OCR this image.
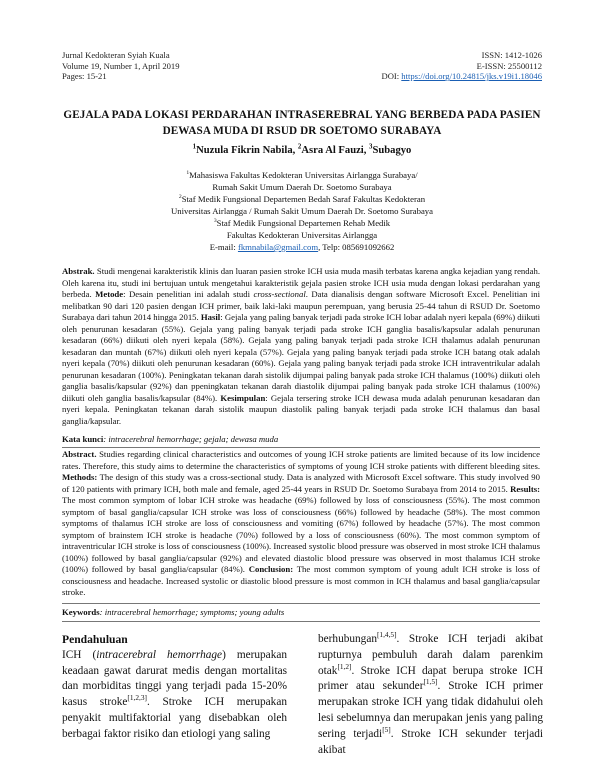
Jurnal Kedokteran Syiah Kuala
Volume 19, Number 1, April 2019
Pages: 15-21
ISSN: 1412-1026
E-ISSN: 25500112
DOI: https://doi.org/10.24815/jks.v19i1.18046
GEJALA PADA LOKASI PERDARAHAN INTRASEREBRAL YANG BERBEDA PADA PASIEN
DEWASA MUDA DI RSUD DR SOETOMO SURABAYA
$^1$Nuzula Fikrin Nabila, $^2$Asra Al Fauzi, $^3$Subagyo
$^1$Mahasiswa Fakultas Kedokteran Universitas Airlangga Surabaya/
Rumah Sakit Umum Daerah Dr. Soetomo Surabaya
$^2$Staf Medik Fungsional Departemen Bedah Saraf Fakultas Kedokteran
Universitas Airlangga / Rumah Sakit Umum Daerah Dr. Soetomo Surabaya
$^3$Staf Medik Fungsional Departemen Rehab Medik
Fakultas Kedokteran Universitas Airlangga
E-mail: fkmnabila@gmail.com, Telp: 085691092662
Abstrak. Studi mengenai karakteristik klinis dan luaran pasien stroke ICH usia muda masih terbatas karena angka kejadian yang rendah. Oleh karena itu, studi ini bertujuan untuk mengetahui karakteristik gejala pasien stroke ICH usia muda dengan lokasi perdarahan yang berbeda. Metode: Desain penelitian ini adalah studi cross-sectional. Data dianalisis dengan software Microsoft Excel. Penelitian ini melibatkan 90 dari 120 pasien dengan ICH primer, baik laki-laki maupun perempuan, yang berusia 25-44 tahun di RSUD Dr. Soetomo Surabaya dari tahun 2014 hingga 2015. Hasil: Gejala yang paling banyak terjadi pada stroke ICH lobar adalah nyeri kepala (69%) diikuti oleh penurunan kesadaran (55%). Gejala yang paling banyak terjadi pada stroke ICH ganglia basalis/kapsular adalah penurunan kesadaran (66%) diikuti oleh nyeri kepala (58%). Gejala yang paling banyak terjadi pada stroke ICH thalamus adalah penurunan kesadaran dan muntah (67%) diikuti oleh nyeri kepala (57%). Gejala yang paling banyak terjadi pada stroke ICH batang otak adalah nyeri kepala (70%) diikuti oleh penurunan kesadaran (60%). Gejala yang paling banyak terjadi pada stroke ICH intraventrikular adalah penurunan kesadaran (100%). Peningkatan tekanan darah sistolik dijumpai paling banyak pada stroke ICH thalamus (100%) diikuti oleh ganglia basalis/kapsular (92%) dan ppeningkatan tekanan darah diastolik dijumpai paling banyak pada stroke ICH thalamus (100%) diikuti oleh ganglia basalis/kapsular (84%). Kesimpulan: Gejala tersering stroke ICH dewasa muda adalah penurunan kesadaran dan nyeri kepala. Peningkatan tekanan darah sistolik maupun diastolik paling banyak terjadi pada stroke ICH thalamus dan basal ganglia/kapsular.
Kata kunci: intracerebral hemorrhage; gejala; dewasa muda
Abstract. Studies regarding clinical characteristics and outcomes of young ICH stroke patients are limited because of its low incidence rates. Therefore, this study aims to determine the characteristics of symptoms of young ICH stroke patients with different bleeding sites. Methods: The design of this study was a cross-sectional study. Data is analyzed with Microsoft Excel software. This study involved 90 of 120 patients with primary ICH, both male and female, aged 25-44 years in RSUD Dr. Soetomo Surabaya from 2014 to 2015. Results: The most common symptom of lobar ICH stroke was headache (69%) followed by loss of consciousness (55%). The most common symptom of basal ganglia/capsular ICH stroke was loss of consciousness (66%) followed by headache (58%). The most common symptoms of thalamus ICH stroke are loss of consciousness and vomiting (67%) followed by headache (57%). The most common symptom of brainstem ICH stroke is headache (70%) followed by a loss of consciousness (60%). The most common symptom of intraventricular ICH stroke is loss of consciousness (100%). Increased systolic blood pressure was observed in most stroke ICH thalamus (100%) followed by basal ganglia/capsular (92%) and elevated diastolic blood pressure was observed in most thalamus ICH stroke (100%) followed by basal ganglia/capsular (84%). Conclusion: The most common symptom of young adult ICH stroke is loss of consciousness and headache. Increased systolic or diastolic blood pressure is most common in ICH thalamus and basal ganglia/capsular stroke.
Keywords: intracerebral hemorrhage; symptoms; young adults
Pendahuluan
ICH (intracerebral hemorrhage) merupakan keadaan gawat darurat medis dengan mortalitas dan morbiditas tinggi yang terjadi pada 15-20% kasus stroke[1,2,3]. Stroke ICH merupakan penyakit multifaktorial yang disebabkan oleh berbagai faktor risiko dan etiologi yang saling
berhubungan[1,4,5]. Stroke ICH terjadi akibat rupturnya pembuluh darah dalam parenkim otak[1,2]. Stroke ICH dapat berupa stroke ICH primer atau sekunder[1,5]. Stroke ICH primer merupakan stroke ICH yang tidak didahului oleh lesi sebelumnya dan merupakan jenis yang paling sering terjadi[5]. Stroke ICH sekunder terjadi akibat
